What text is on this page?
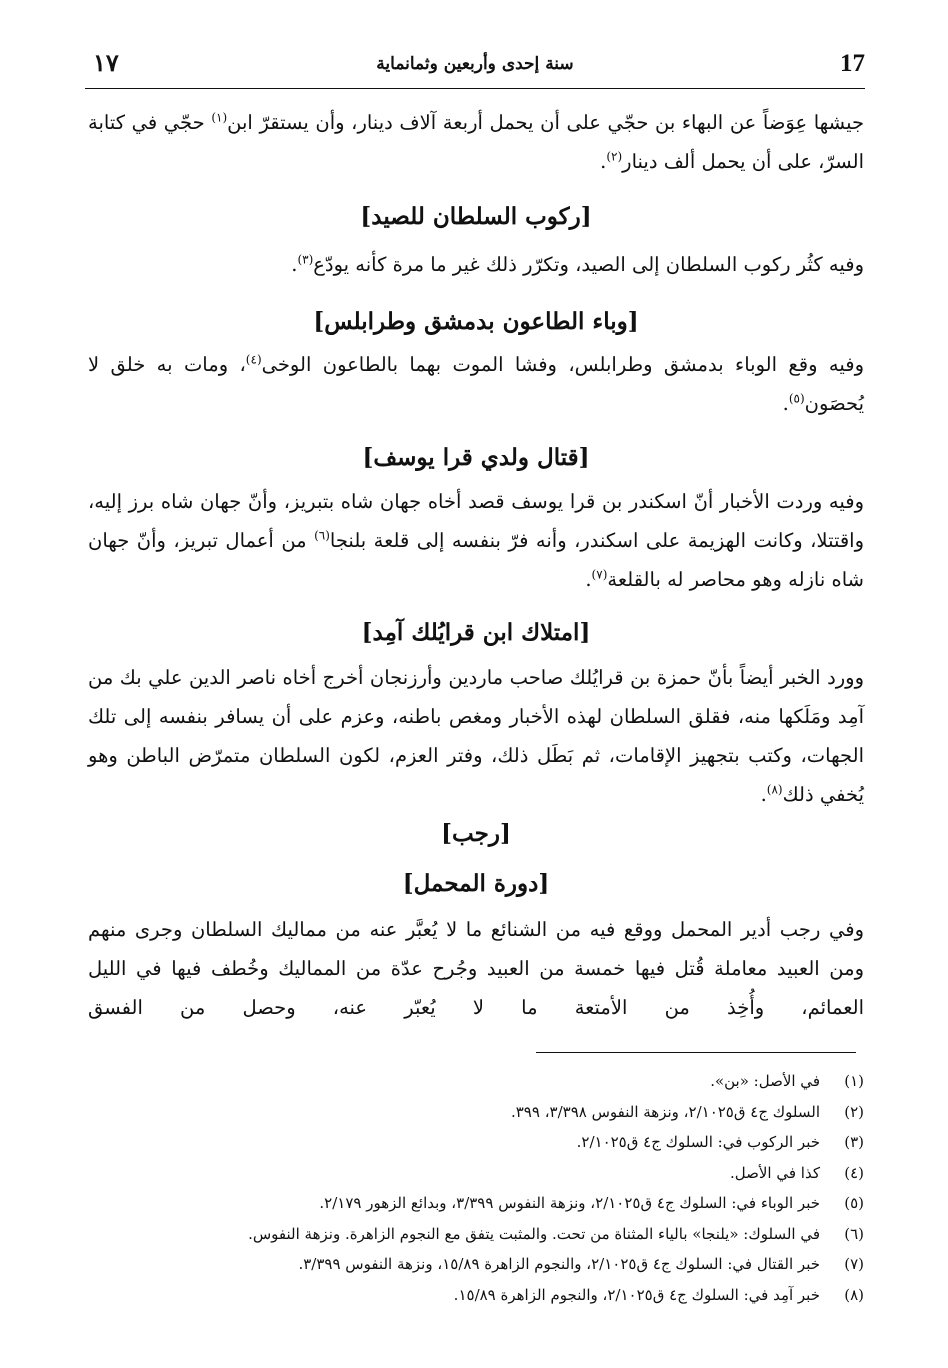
17
سنة إحدى وأربعين وثمانماية
١٧
جيشها عِوَضاً عن البهاء بن حجّي على أن يحمل أربعة آلاف دينار، وأن يستقرّ ابن$^{(١)}$ حجّي في كتابة السرّ، على أن يحمل ألف دينار$^{(٢)}$.
[ركوب السلطان للصيد]
وفيه كثُر ركوب السلطان إلى الصيد، وتكرّر ذلك غير ما مرة كأنه يودّع$^{(٣)}$.
[وباء الطاعون بدمشق وطرابلس]
وفيه وقع الوباء بدمشق وطرابلس، وفشا الموت بهما بالطاعون الوخى$^{(٤)}$، ومات به خلق لا يُحصَون$^{(٥)}$.
[قتال ولدي قرا يوسف]
وفيه وردت الأخبار أنّ اسكندر بن قرا يوسف قصد أخاه جهان شاه بتبريز، وأنّ جهان شاه برز إليه، واقتتلا، وكانت الهزيمة على اسكندر، وأنه فرّ بنفسه إلى قلعة بلنجا$^{(٦)}$ من أعمال تبريز، وأنّ جهان شاه نازله وهو محاصر له بالقلعة$^{(٧)}$.
[امتلاك ابن قرايُلك آمِد]
وورد الخبر أيضاً بأنّ حمزة بن قرايُلك صاحب ماردين وأرزنجان أخرج أخاه ناصر الدين علي بك من آمِد ومَلَكها منه، فقلق السلطان لهذه الأخبار ومغص باطنه، وعزم على أن يسافر بنفسه إلى تلك الجهات، وكتب بتجهيز الإقامات، ثم بَطَل ذلك، وفتر العزم، لكون السلطان متمرّض الباطن وهو يُخفي ذلك$^{(٨)}$.
[رجب]
[دورة المحمل]
وفي رجب أدير المحمل ووقع فيه من الشنائع ما لا يُعبَّر عنه من مماليك السلطان وجرى منهم ومن العبيد معاملة قُتل فيها خمسة من العبيد وجُرح عدّة من المماليك وخُطف فيها في الليل العمائم، وأُخِذ من الأمتعة ما لا يُعبّر عنه، وحصل من الفسق
(١)في الأصل: «بن».
(٢)السلوك ج٤ ق٢/١٠٢٥، ونزهة النفوس ٣/٣٩٨، ٣٩٩.
(٣)خبر الركوب في: السلوك ج٤ ق٢/١٠٢٥.
(٤)كذا في الأصل.
(٥)خبر الوباء في: السلوك ج٤ ق٢/١٠٢٥، ونزهة النفوس ٣/٣٩٩، وبدائع الزهور ٢/١٧٩.
(٦)في السلوك: «يلنجا» بالياء المثناة من تحت. والمثبت يتفق مع النجوم الزاهرة. ونزهة النفوس.
(٧)خبر القتال في: السلوك ج٤ ق٢/١٠٢٥، والنجوم الزاهرة ١٥/٨٩، ونزهة النفوس ٣/٣٩٩.
(٨)خبر آمِد في: السلوك ج٤ ق٢/١٠٢٥، والنجوم الزاهرة ١٥/٨٩.
